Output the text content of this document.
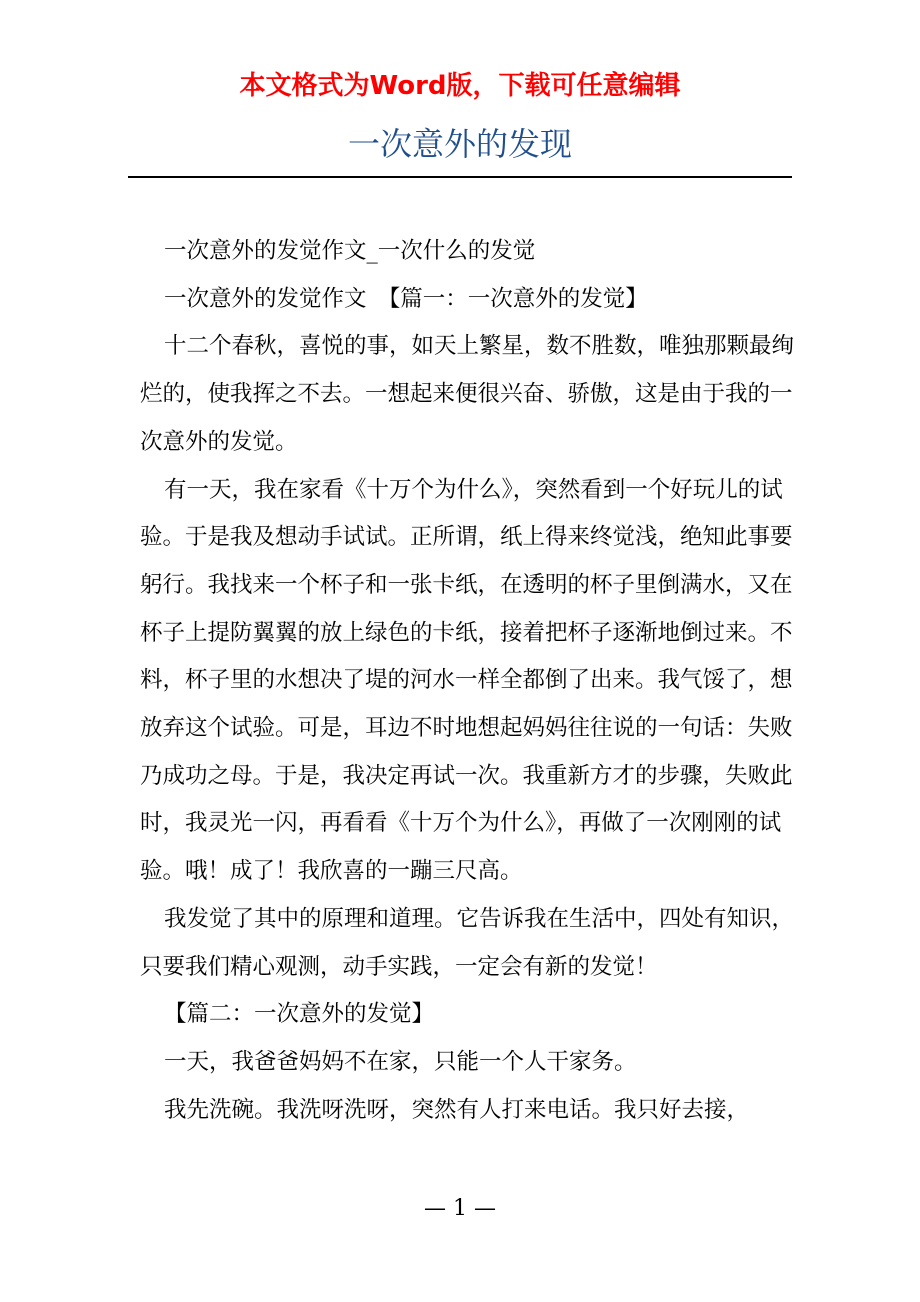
本文格式为Word版，下载可任意编辑
一次意外的发现

一次意外的发觉作文_一次什么的发觉

一次意外的发觉作文　【篇一：一次意外的发觉】

十二个春秋，喜悦的事，如天上繁星，数不胜数，唯独那颗最绚烂的，使我挥之不去。一想起来便很兴奋、骄傲，这是由于我的一次意外的发觉。

有一天，我在家看《十万个为什么》，突然看到一个好玩儿的试验。于是我及想动手试试。正所谓，纸上得来终觉浅，绝知此事要躬行。我找来一个杯子和一张卡纸，在透明的杯子里倒满水，又在杯子上提防翼翼的放上绿色的卡纸，接着把杯子逐渐地倒过来。不料，杯子里的水想决了堤的河水一样全都倒了出来。我气馁了，想放弃这个试验。可是，耳边不时地想起妈妈往往说的一句话：失败乃成功之母。于是，我决定再试一次。我重新方才的步骤，失败此时，我灵光一闪，再看看《十万个为什么》，再做了一次刚刚的试验。哦！成了！我欣喜的一蹦三尺高。

我发觉了其中的原理和道理。它告诉我在生活中，四处有知识，只要我们精心观测，动手实践，一定会有新的发觉！

【篇二：一次意外的发觉】

一天，我爸爸妈妈不在家，只能一个人干家务。

我先洗碗。我洗呀洗呀，突然有人打来电话。我只好去接，

— 1 —
